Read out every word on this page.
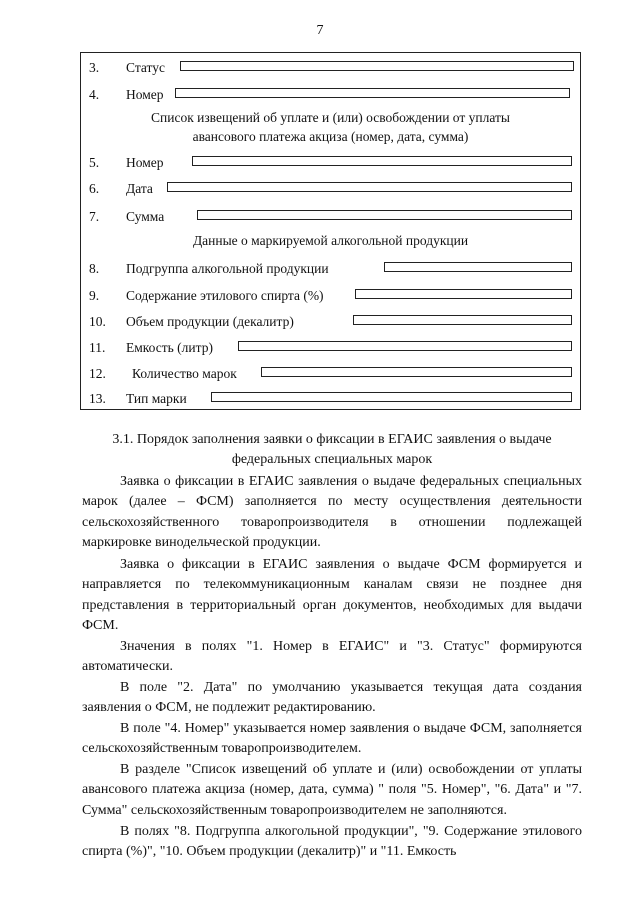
7
3. Статус
4. Номер
Список извещений об уплате и (или) освобождении от уплаты авансового платежа акциза (номер, дата, сумма)
5. Номер
6. Дата
7. Сумма
Данные о маркируемой алкогольной продукции
8. Подгруппа алкогольной продукции
9. Содержание этилового спирта (%)
10. Объем продукции (декалитр)
11. Емкость (литр)
12. Количество марок
13. Тип марки
3.1. Порядок заполнения заявки о фиксации в ЕГАИС заявления о выдаче федеральных специальных марок
Заявка о фиксации в ЕГАИС заявления о выдаче федеральных специальных марок (далее – ФСМ) заполняется по месту осуществления деятельности сельскохозяйственного товаропроизводителя в отношении подлежащей маркировке винодельческой продукции.
Заявка о фиксации в ЕГАИС заявления о выдаче ФСМ формируется и направляется по телекоммуникационным каналам связи не позднее дня представления в территориальный орган документов, необходимых для выдачи ФСМ.
Значения в полях "1. Номер в ЕГАИС" и "3. Статус" формируются автоматически.
В поле "2. Дата" по умолчанию указывается текущая дата создания заявления о ФСМ, не подлежит редактированию.
В поле "4. Номер" указывается номер заявления о выдаче ФСМ, заполняется сельскохозяйственным товаропроизводителем.
В разделе "Список извещений об уплате и (или) освобождении от уплаты авансового платежа акциза (номер, дата, сумма) " поля "5. Номер", "6. Дата" и "7. Сумма" сельскохозяйственным товаропроизводителем не заполняются.
В полях "8. Подгруппа алкогольной продукции", "9. Содержание этилового спирта (%)", "10. Объем продукции (декалитр)" и "11. Емкость
